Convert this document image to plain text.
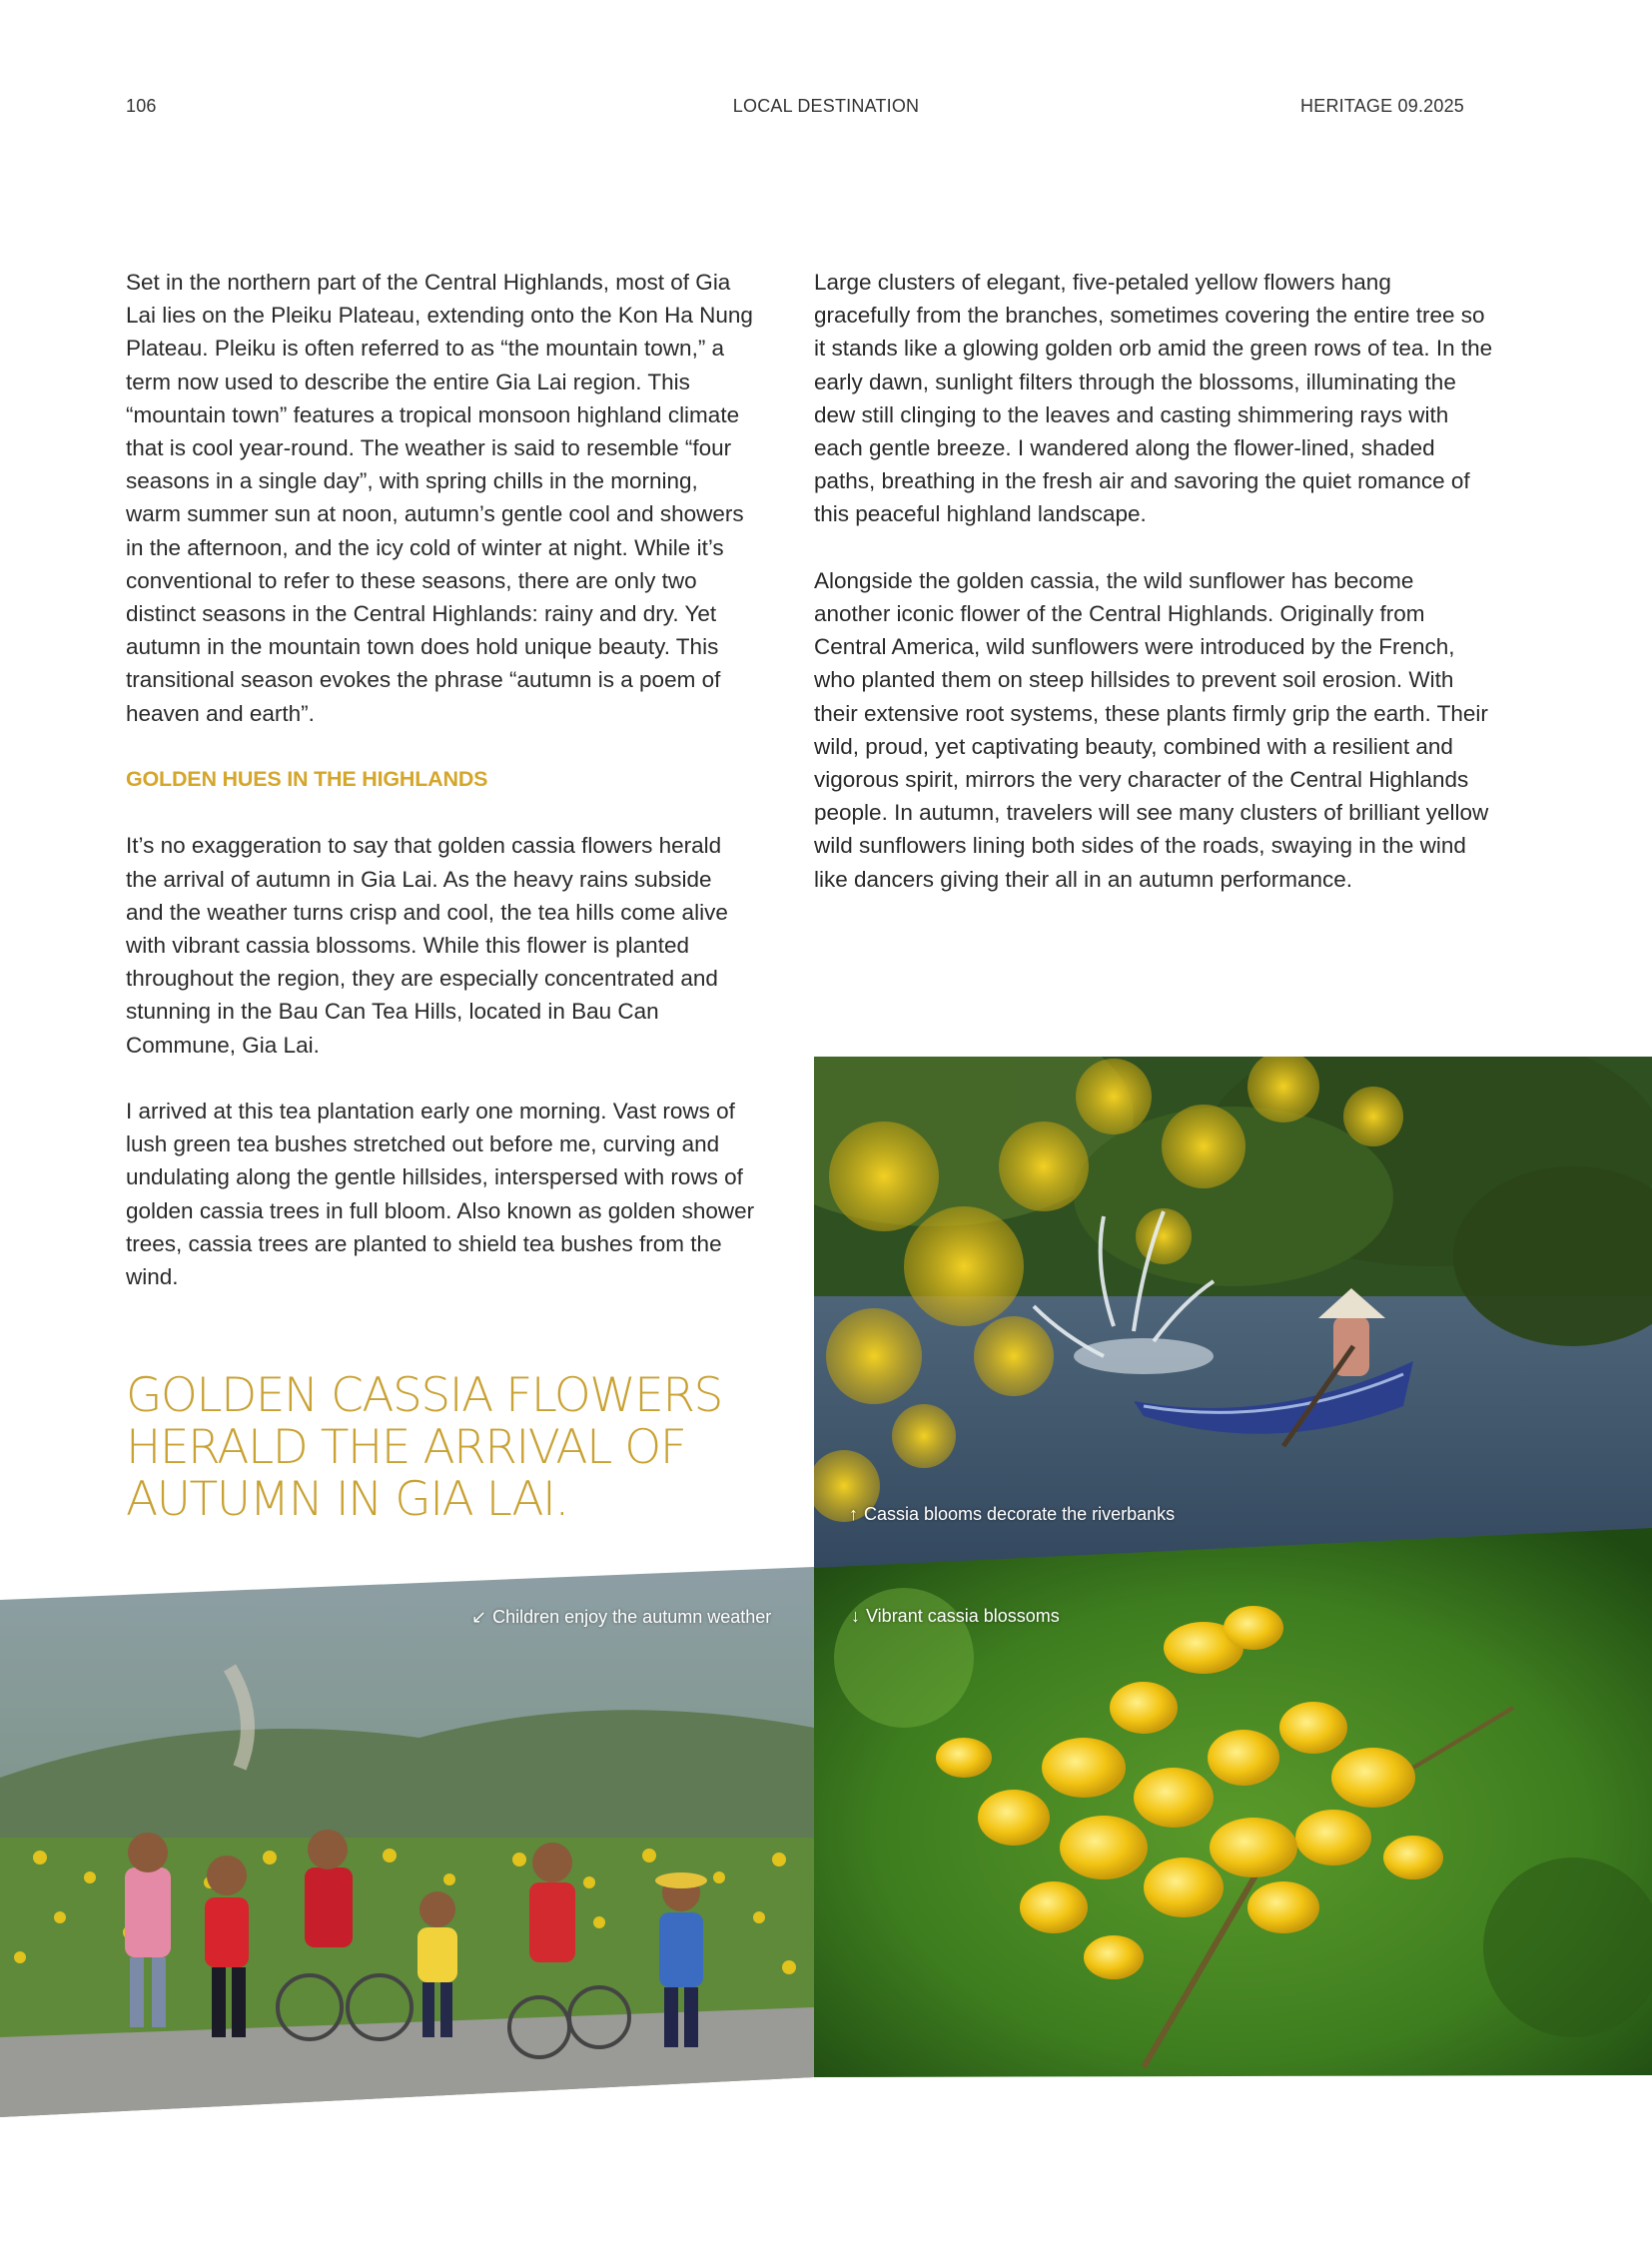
106	LOCAL DESTINATION	HERITAGE 09.2025

Set in the northern part of the Central Highlands, most of Gia Lai lies on the Pleiku Plateau, extending onto the Kon Ha Nung Plateau. Pleiku is often referred to as “the mountain town,” a term now used to describe the entire Gia Lai region. This “mountain town” features a tropical monsoon highland climate that is cool year-round. The weather is said to resemble “four seasons in a single day”, with spring chills in the morning, warm summer sun at noon, autumn’s gentle cool and showers in the afternoon, and the icy cold of winter at night. While it’s conventional to refer to these seasons, there are only two distinct seasons in the Central Highlands: rainy and dry. Yet autumn in the mountain town does hold unique beauty. This transitional season evokes the phrase “autumn is a poem of heaven and earth”.

GOLDEN HUES IN THE HIGHLANDS

It’s no exaggeration to say that golden cassia flowers herald the arrival of autumn in Gia Lai. As the heavy rains subside and the weather turns crisp and cool, the tea hills come alive with vibrant cassia blossoms. While this flower is planted throughout the region, they are especially concentrated and stunning in the Bau Can Tea Hills, located in Bau Can Commune, Gia Lai.

I arrived at this tea plantation early one morning. Vast rows of lush green tea bushes stretched out before me, curving and undulating along the gentle hillsides, interspersed with rows of golden cassia trees in full bloom. Also known as golden shower trees, cassia trees are planted to shield tea bushes from the wind.

Large clusters of elegant, five-petaled yellow flowers hang gracefully from the branches, sometimes covering the entire tree so it stands like a glowing golden orb amid the green rows of tea. In the early dawn, sunlight filters through the blossoms, illuminating the dew still clinging to the leaves and casting shimmering rays with each gentle breeze. I wandered along the flower-lined, shaded paths, breathing in the fresh air and savoring the quiet romance of this peaceful highland landscape.

Alongside the golden cassia, the wild sunflower has become another iconic flower of the Central Highlands. Originally from Central America, wild sunflowers were introduced by the French, who planted them on steep hillsides to prevent soil erosion. With their extensive root systems, these plants firmly grip the earth. Their wild, proud, yet captivating beauty, combined with a resilient and vigorous spirit, mirrors the very character of the Central Highlands people. In autumn, travelers will see many clusters of brilliant yellow wild sunflowers lining both sides of the roads, swaying in the wind like dancers giving their all in an autumn performance.

GOLDEN CASSIA FLOWERS HERALD THE ARRIVAL OF AUTUMN IN GIA LAI.	↑ Cassia blooms decorate the riverbanks
↙ Children enjoy the autumn weather	↓ Vibrant cassia blossoms
